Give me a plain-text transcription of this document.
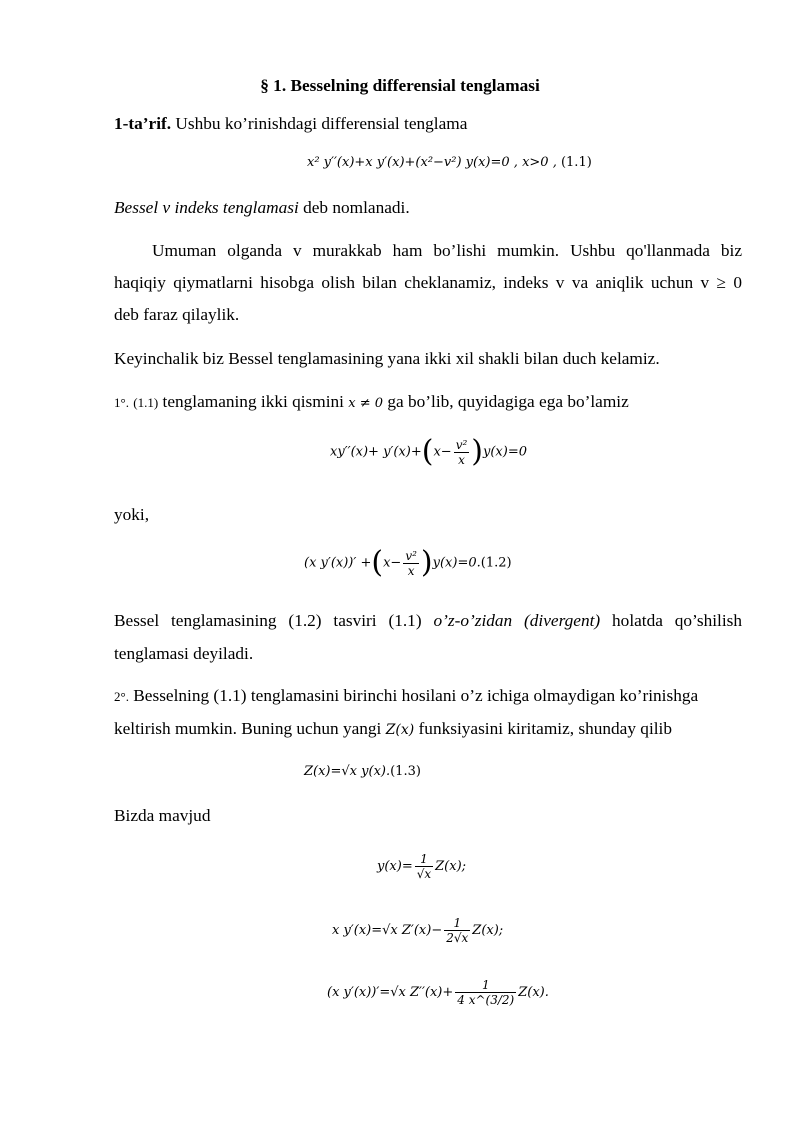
§ 1. Besselning differensial tenglamasi
1-ta’rif. Ushbu ko’rinishdagi differensial tenglama
x² y′′(x)+x y′(x)+(x²−v²) y(x)=0 , x>0 , (1.1)
Bessel v indeks tenglamasi deb nomlanadi.
Umuman olganda v murakkab ham bo’lishi mumkin. Ushbu qo'llanmada biz
haqiqiy qiymatlarni hisobga olish bilan cheklanamiz, indeks v va aniqlik uchun v ≥ 0
deb faraz qilaylik.
Keyinchalik biz Bessel tenglamasining yana ikki xil shakli bilan duch kelamiz.
1°. (1.1) tenglamaning ikki qismini x ≠ 0 ga bo’lib, quyidagiga ega bo’lamiz
$xy''(x)+ y'(x)+(x- \frac{\text{v²}}{x} )y(x)=0$
yoki,
(x $y'(x))' +(x- \frac{\text{v²}}{x} )y(x)=0.(1.2)$
Bessel tenglamasining (1.2) tasviri (1.1) o’z-o’zidan (divergent) holatda qo’shilish
tenglamasi deyiladi.
2°. Besselning (1.1) tenglamasini birinchi hosilani o’z ichiga olmaydigan ko’rinishga
keltirish mumkin. Buning uchun yangi Z(x) funksiyasini kiritamiz, shunday qilib
Z(x)=√x y(x).(1.3)
Bizda mavjud
$y(x)= \frac{1}{√x} Z(x)$;
x y′(x)=√x $Z'(x)- \frac{1}{2√x} Z(x)$;
(x y′(x))′=√x $Z''(x)+ \frac{1}{4 x\^{}(3/2)} Z(x)$.
